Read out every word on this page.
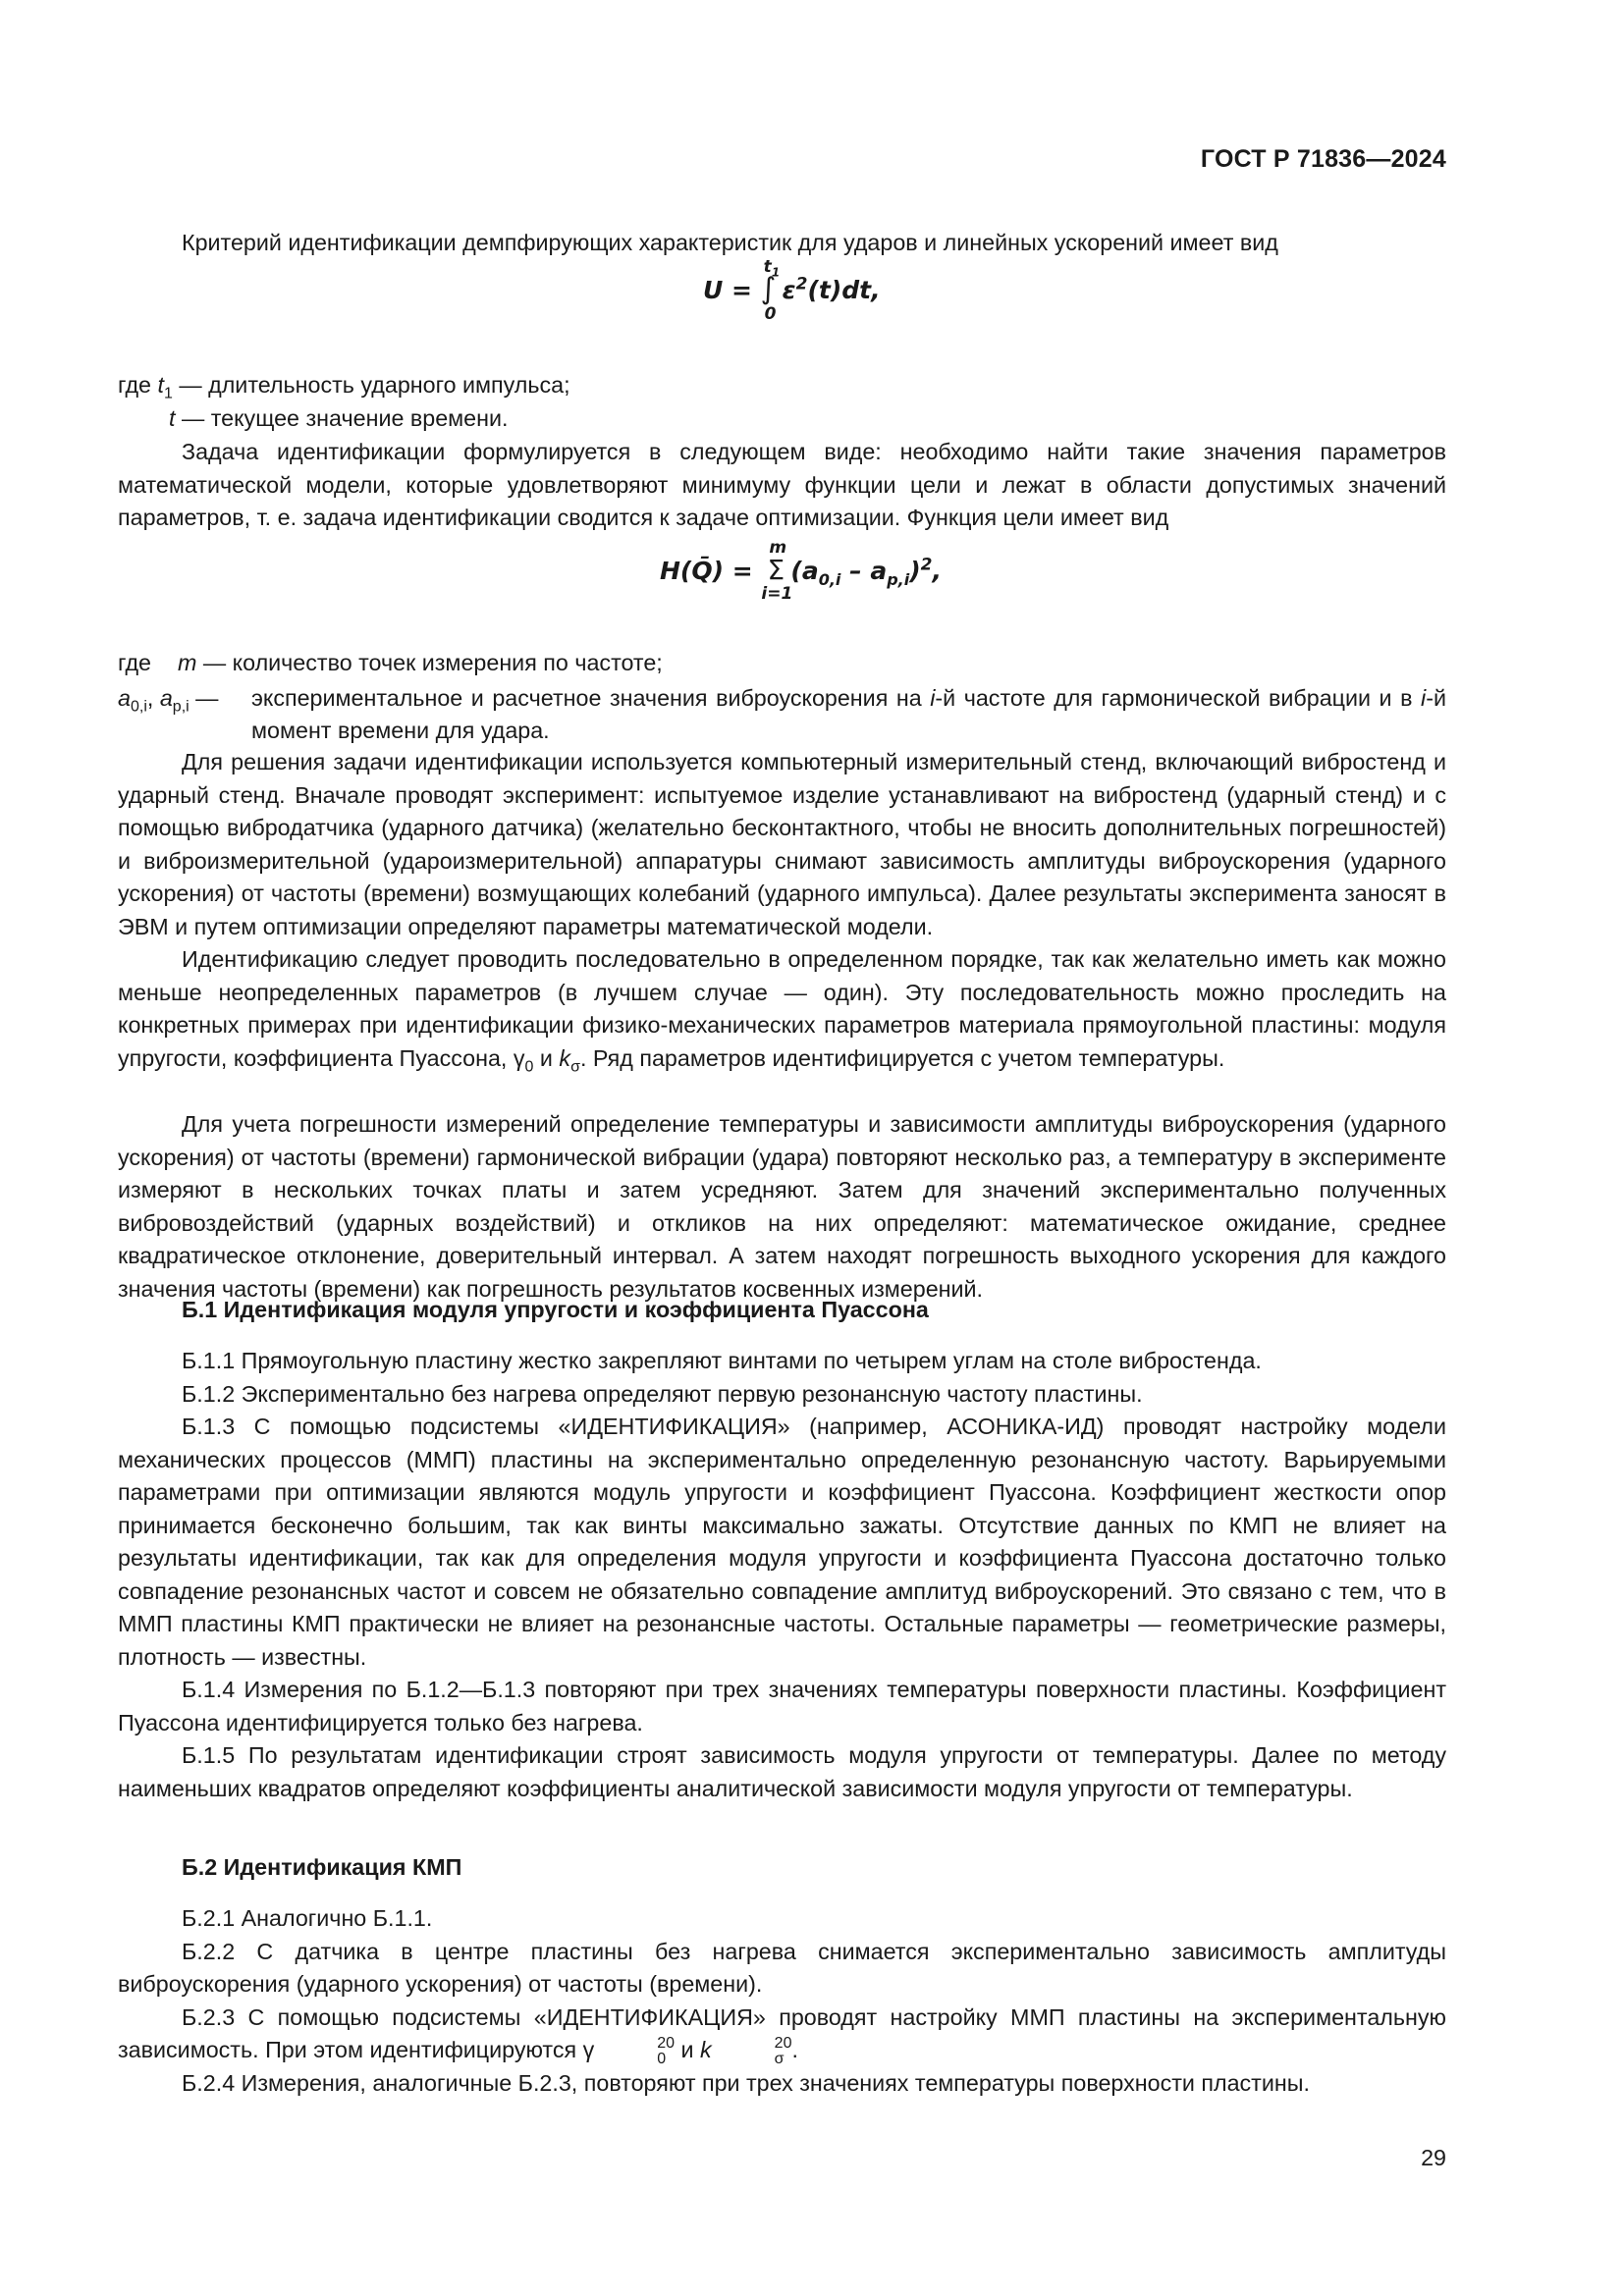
ГОСТ Р 71836—2024

Критерий идентификации демпфирующих характеристик для ударов и линейных ускорений имеет вид

U =
$t_1$
∫
0
$\varepsilon^2(t)dt$,

где $t_1$ — длительность ударного импульса;

t — текущее значение времени.

Задача идентификации формулируется в следующем виде: необходимо найти такие значения параметров математической модели, которые удовлетворяют минимуму функции цели и лежат в области допустимых значений параметров, т. е. задача идентификации сводится к задаче оптимизации. Функция цели имеет вид

H(Q̄) =
m
Σ
i=1
$(a_{0,i} - a_{p,i})^2$,
где	m — количество точек измерения по частоте;
$a_{0,i}$, $a_{p,i}$ —	экспериментальное и расчетное значения виброускорения на i-й частоте для гармонической вибрации и в i-й момент времени для удара.

Для решения задачи идентификации используется компьютерный измерительный стенд, включающий вибростенд и ударный стенд. Вначале проводят эксперимент: испытуемое изделие устанавливают на вибростенд (ударный стенд) и с помощью вибродатчика (ударного датчика) (желательно бесконтактного, чтобы не вносить дополнительных погрешностей) и виброизмерительной (удароизмерительной) аппаратуры снимают зависимость амплитуды виброускорения (ударного ускорения) от частоты (времени) возмущающих колебаний (ударного импульса). Далее результаты эксперимента заносят в ЭВМ и путем оптимизации определяют параметры математической модели.

Идентификацию следует проводить последовательно в определенном порядке, так как желательно иметь как можно меньше неопределенных параметров (в лучшем случае — один). Эту последовательность можно проследить на конкретных примерах при идентификации физико-механических параметров материала прямоугольной пластины: модуля упругости, коэффициента Пуассона, $\gamma_0$ и $k_\sigma$. Ряд параметров идентифицируется с учетом температуры.

Для учета погрешности измерений определение температуры и зависимости амплитуды виброускорения (ударного ускорения) от частоты (времени) гармонической вибрации (удара) повторяют несколько раз, а температуру в эксперименте измеряют в нескольких точках платы и затем усредняют. Затем для значений экспериментально полученных вибровоздействий (ударных воздействий) и откликов на них определяют: математическое ожидание, среднее квадратическое отклонение, доверительный интервал. А затем находят погрешность выходного ускорения для каждого значения частоты (времени) как погрешность результатов косвенных измерений.

Б.1 Идентификация модуля упругости и коэффициента Пуассона

Б.1.1 Прямоугольную пластину жестко закрепляют винтами по четырем углам на столе вибростенда.

Б.1.2 Экспериментально без нагрева определяют первую резонансную частоту пластины.

Б.1.3 С помощью подсистемы «ИДЕНТИФИКАЦИЯ» (например, АСОНИКА-ИД) проводят настройку модели механических процессов (ММП) пластины на экспериментально определенную резонансную частоту. Варьируемыми параметрами при оптимизации являются модуль упругости и коэффициент Пуассона. Коэффициент жесткости опор принимается бесконечно большим, так как винты максимально зажаты. Отсутствие данных по КМП не влияет на результаты идентификации, так как для определения модуля упругости и коэффициента Пуассона достаточно только совпадение резонансных частот и совсем не обязательно совпадение амплитуд виброускорений. Это связано с тем, что в ММП пластины КМП практически не влияет на резонансные частоты. Остальные параметры — геометрические размеры, плотность — известны.

Б.1.4 Измерения по Б.1.2—Б.1.3 повторяют при трех значениях температуры поверхности пластины. Коэффициент Пуассона идентифицируется только без нагрева.

Б.1.5 По результатам идентификации строят зависимость модуля упругости от температуры. Далее по методу наименьших квадратов определяют коэффициенты аналитической зависимости модуля упругости от температуры.

Б.2 Идентификация КМП

Б.2.1 Аналогично Б.1.1.

Б.2.2 С датчика в центре пластины без нагрева снимается экспериментально зависимость амплитуды виброускорения (ударного ускорения) от частоты (времени).

Б.2.3 С помощью подсистемы «ИДЕНТИФИКАЦИЯ» проводят настройку ММП пластины на экспериментальную зависимость. При этом идентифицируются γ	20
0 и k	20
σ .

Б.2.4 Измерения, аналогичные Б.2.3, повторяют при трех значениях температуры поверхности пластины.

29
